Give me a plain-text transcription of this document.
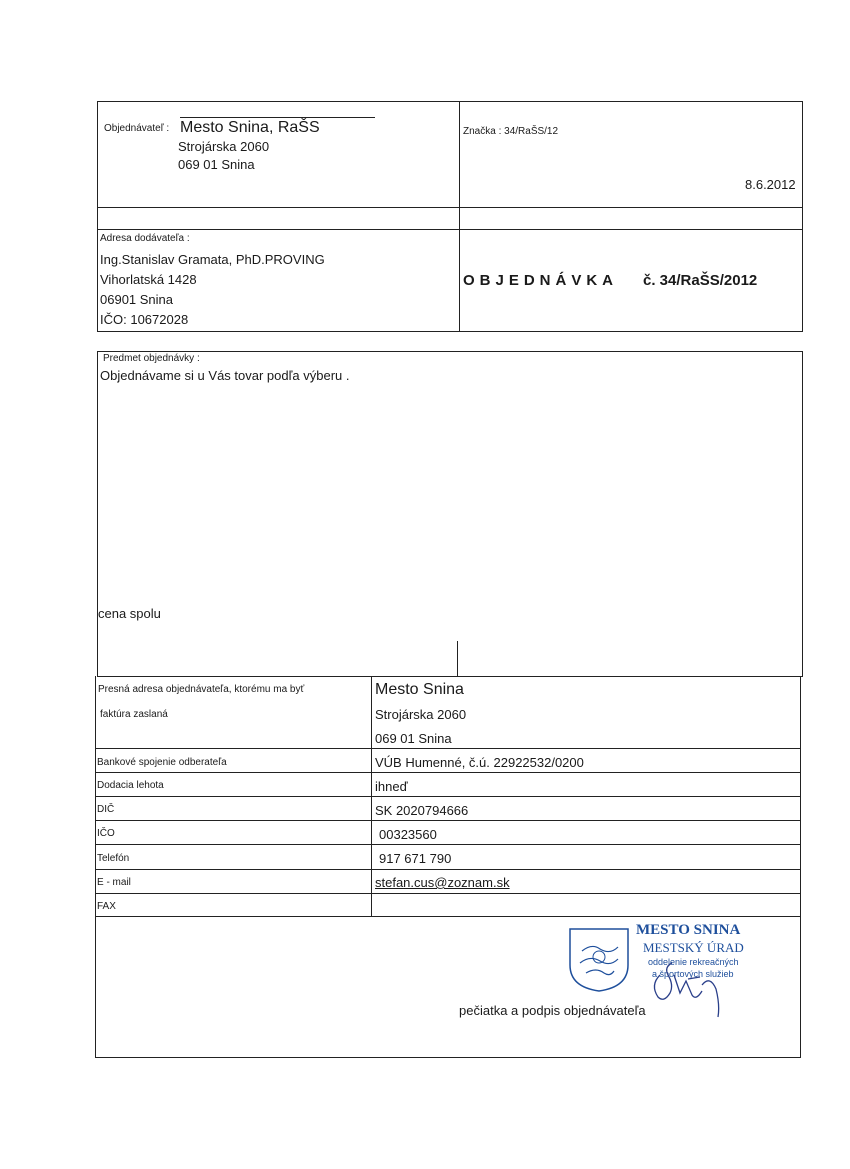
Objednávateľ : Mesto Snina, RaŠS
Strojárska 2060
069 01 Snina
Značka : 34/RaŠS/12
8.6.2012
Adresa dodávateľa :
Ing.Stanislav Gramata, PhD.PROVING
Vihorlatská 1428
06901 Snina
IČO: 10672028
OBJEDNÁVKA č. 34/RaŠS/2012
Predmet objednávky :
Objednávame si u Vás tovar podľa výberu .
cena spolu
Presná adresa objednávateľa, ktorému ma byť
faktúra zaslaná
Mesto Snina
Strojárska 2060
069 01 Snina
Bankové spojenie odberateľa	VÚB Humenné, č.ú. 22922532/0200
Dodacia lehota	ihneď
DIČ	SK 2020794666
IČO	00323560
Telefón	917 671 790
E - mail	stefan.cus@zoznam.sk
FAX
MESTO SNINA
MESTSKÝ ÚRAD
oddelenie rekreačných
a športových služieb
pečiatka a podpis objednávateľa
